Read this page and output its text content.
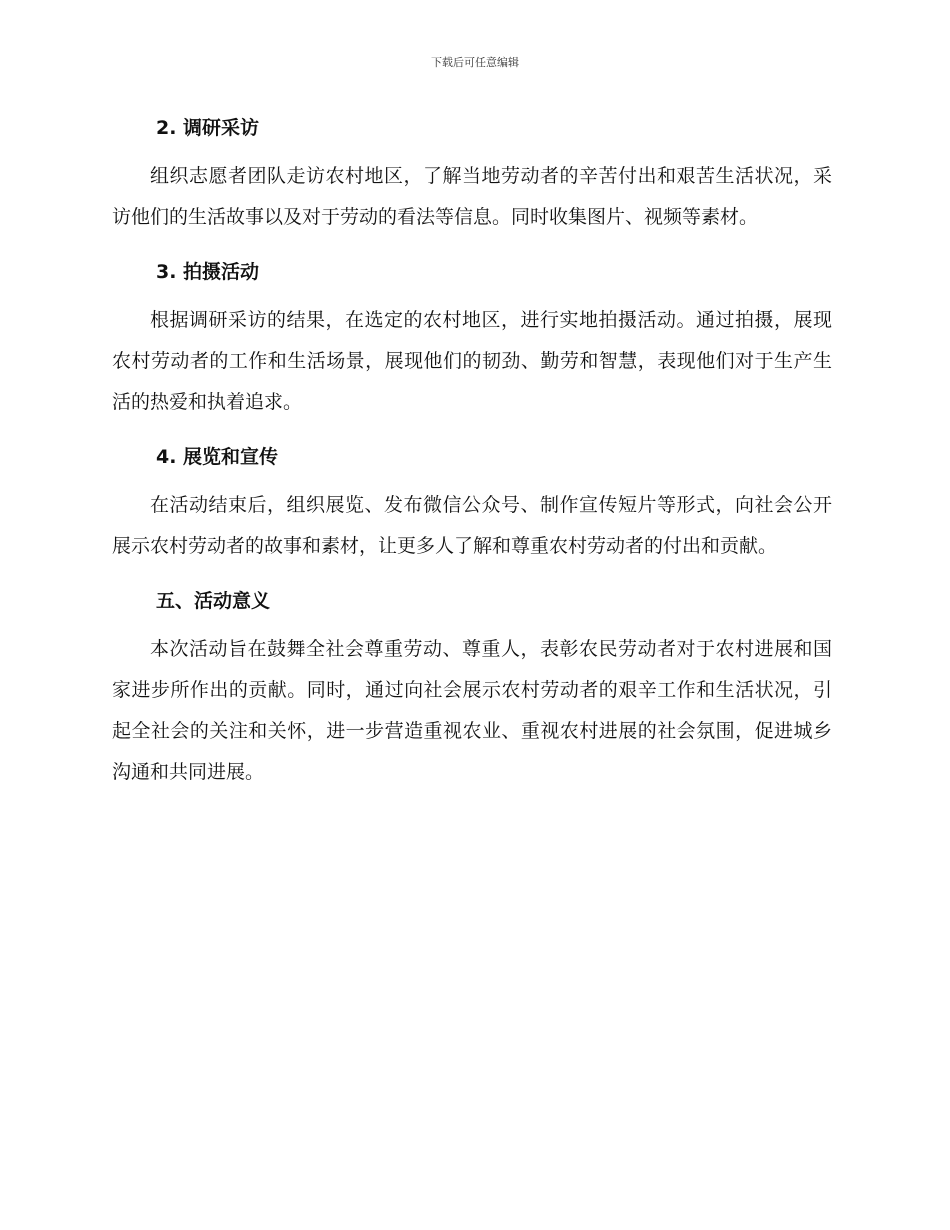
下载后可任意编辑
2. 调研采访

组织志愿者团队走访农村地区，了解当地劳动者的辛苦付出和艰苦生活状况，采访他们的生活故事以及对于劳动的看法等信息。同时收集图片、视频等素材。

3. 拍摄活动

根据调研采访的结果，在选定的农村地区，进行实地拍摄活动。通过拍摄，展现农村劳动者的工作和生活场景，展现他们的韧劲、勤劳和智慧，表现他们对于生产生活的热爱和执着追求。

4. 展览和宣传

在活动结束后，组织展览、发布微信公众号、制作宣传短片等形式，向社会公开展示农村劳动者的故事和素材，让更多人了解和尊重农村劳动者的付出和贡献。

五、活动意义

本次活动旨在鼓舞全社会尊重劳动、尊重人，表彰农民劳动者对于农村进展和国家进步所作出的贡献。同时，通过向社会展示农村劳动者的艰辛工作和生活状况，引起全社会的关注和关怀，进一步营造重视农业、重视农村进展的社会氛围，促进城乡沟通和共同进展。
